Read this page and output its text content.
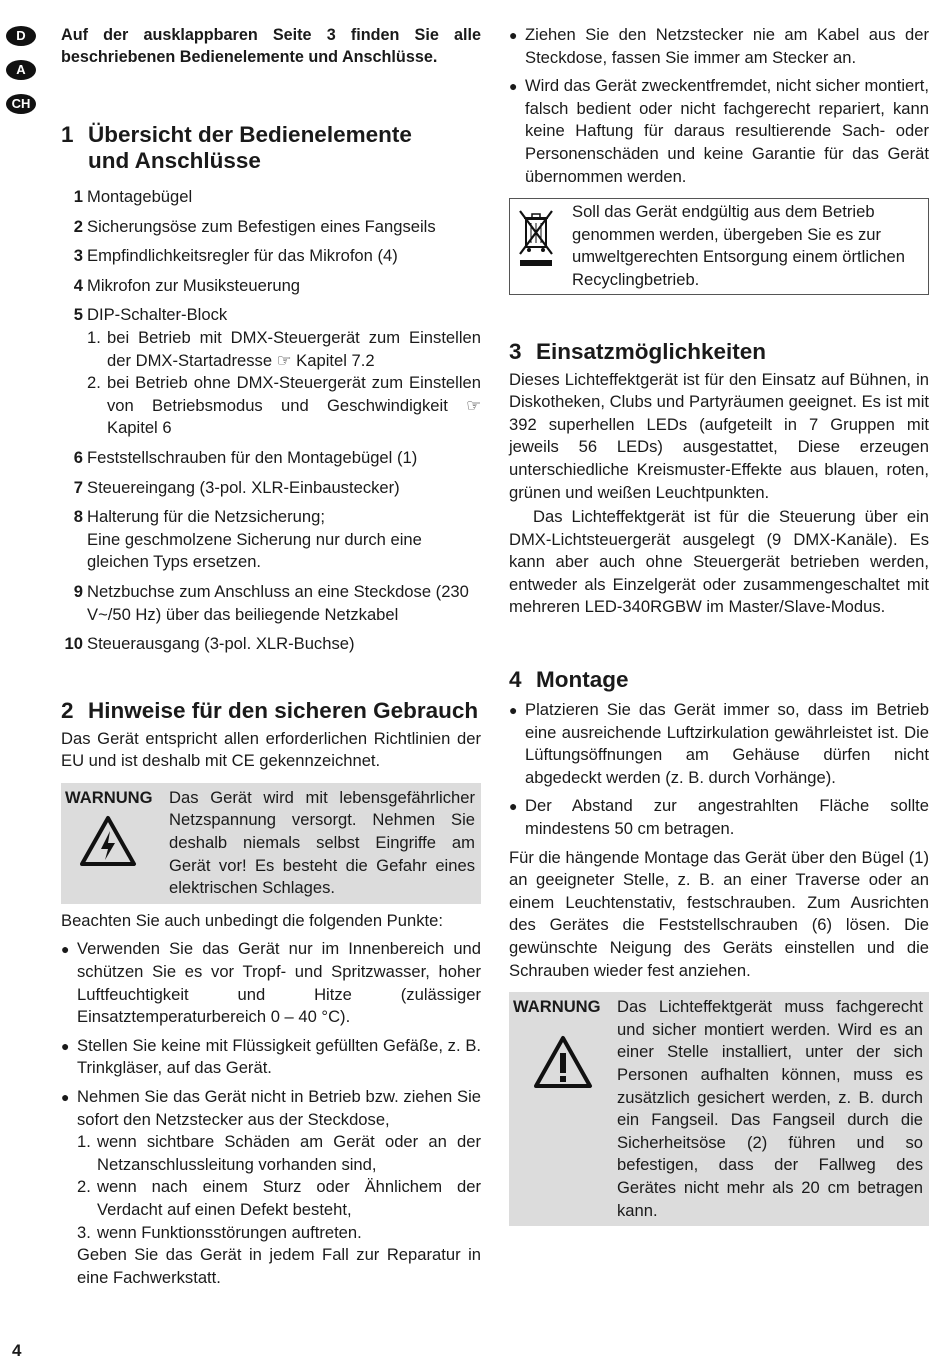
D
A
CH

Auf der ausklappbaren Seite 3 finden Sie alle beschriebenen Bedienelemente und Anschlüsse.

1 Übersicht der Bedienelemente und Anschlüsse
1 Montagebügel
2 Sicherungsöse zum Befestigen eines Fangseils
3 Empfindlichkeitsregler für das Mikrofon (4)
4 Mikrofon zur Musiksteuerung
5 DIP-Schalter-Block
1. bei Betrieb mit DMX-Steuergerät zum Einstellen der DMX-Startadresse ☞ Kapitel 7.2
2. bei Betrieb ohne DMX-Steuergerät zum Einstellen von Betriebsmodus und Geschwindigkeit ☞ Kapitel 6
6 Feststellschrauben für den Montagebügel (1)
7 Steuereingang (3-pol. XLR-Einbaustecker)
8 Halterung für die Netzsicherung;
Eine geschmolzene Sicherung nur durch eine gleichen Typs ersetzen.
9 Netzbuchse zum Anschluss an eine Steckdose (230 V~/50 Hz) über das beiliegende Netzkabel
10 Steuerausgang (3-pol. XLR-Buchse)
2 Hinweise für den sicheren Gebrauch

Das Gerät entspricht allen erforderlichen Richtlinien der EU und ist deshalb mit CE gekennzeichnet.

WARNUNG Das Gerät wird mit lebensgefährlicher Netzspannung versorgt. Nehmen Sie deshalb niemals selbst Eingriffe am Gerät vor! Es besteht die Gefahr eines elektrischen Schlages.

Beachten Sie auch unbedingt die folgenden Punkte:

● Verwenden Sie das Gerät nur im Innenbereich und schützen Sie es vor Tropf- und Spritzwasser, hoher Luftfeuchtigkeit und Hitze (zulässiger Einsatztemperaturbereich 0 – 40 °C).
● Stellen Sie keine mit Flüssigkeit gefüllten Gefäße, z. B. Trinkgläser, auf das Gerät.
● Nehmen Sie das Gerät nicht in Betrieb bzw. ziehen Sie sofort den Netzstecker aus der Steckdose,
1. wenn sichtbare Schäden am Gerät oder an der Netzanschlussleitung vorhanden sind,
2. wenn nach einem Sturz oder Ähnlichem der Verdacht auf einen Defekt besteht,
3. wenn Funktionsstörungen auftreten.
Geben Sie das Gerät in jedem Fall zur Reparatur in eine Fachwerkstatt.
● Ziehen Sie den Netzstecker nie am Kabel aus der Steckdose, fassen Sie immer am Stecker an.
● Wird das Gerät zweckentfremdet, nicht sicher montiert, falsch bedient oder nicht fachgerecht repariert, kann keine Haftung für daraus resultierende Sach- oder Personenschäden und keine Garantie für das Gerät übernommen werden.
Soll das Gerät endgültig aus dem Betrieb genommen werden, übergeben Sie es zur umweltgerechten Entsorgung einem örtlichen Recyclingbetrieb.
3 Einsatzmöglichkeiten

Dieses Lichteffektgerät ist für den Einsatz auf Bühnen, in Diskotheken, Clubs und Partyräumen geeignet. Es ist mit 392 superhellen LEDs (aufgeteilt in 7 Gruppen mit jeweils 56 LEDs) ausgestattet, Diese erzeugen unterschiedliche Kreismuster-Effekte aus blauen, roten, grünen und weißen Leuchtpunkten.

Das Lichteffektgerät ist für die Steuerung über ein DMX-Lichtsteuergerät ausgelegt (9 DMX-Kanäle). Es kann aber auch ohne Steuergerät betrieben werden, entweder als Einzelgerät oder zusammengeschaltet mit mehreren LED-340RGBW im Master/Slave-Modus.

4 Montage
● Platzieren Sie das Gerät immer so, dass im Betrieb eine ausreichende Luftzirkulation gewährleistet ist. Die Lüftungsöffnungen am Gehäuse dürfen nicht abgedeckt werden (z. B. durch Vorhänge).
● Der Abstand zur angestrahlten Fläche sollte mindestens 50 cm betragen.

Für die hängende Montage das Gerät über den Bügel (1) an geeigneter Stelle, z. B. an einer Traverse oder an einem Leuchtenstativ, festschrauben. Zum Ausrichten des Gerätes die Feststellschrauben (6) lösen. Die gewünschte Neigung des Geräts einstellen und die Schrauben wieder fest anziehen.

WARNUNG Das Lichteffektgerät muss fachgerecht und sicher montiert werden. Wird es an einer Stelle installiert, unter der sich Personen aufhalten können, muss es zusätzlich gesichert werden, z. B. durch ein Fangseil. Das Fangseil durch die Sicherheitsöse (2) führen und so befestigen, dass der Fallweg des Gerätes nicht mehr als 20 cm betragen kann.
4
